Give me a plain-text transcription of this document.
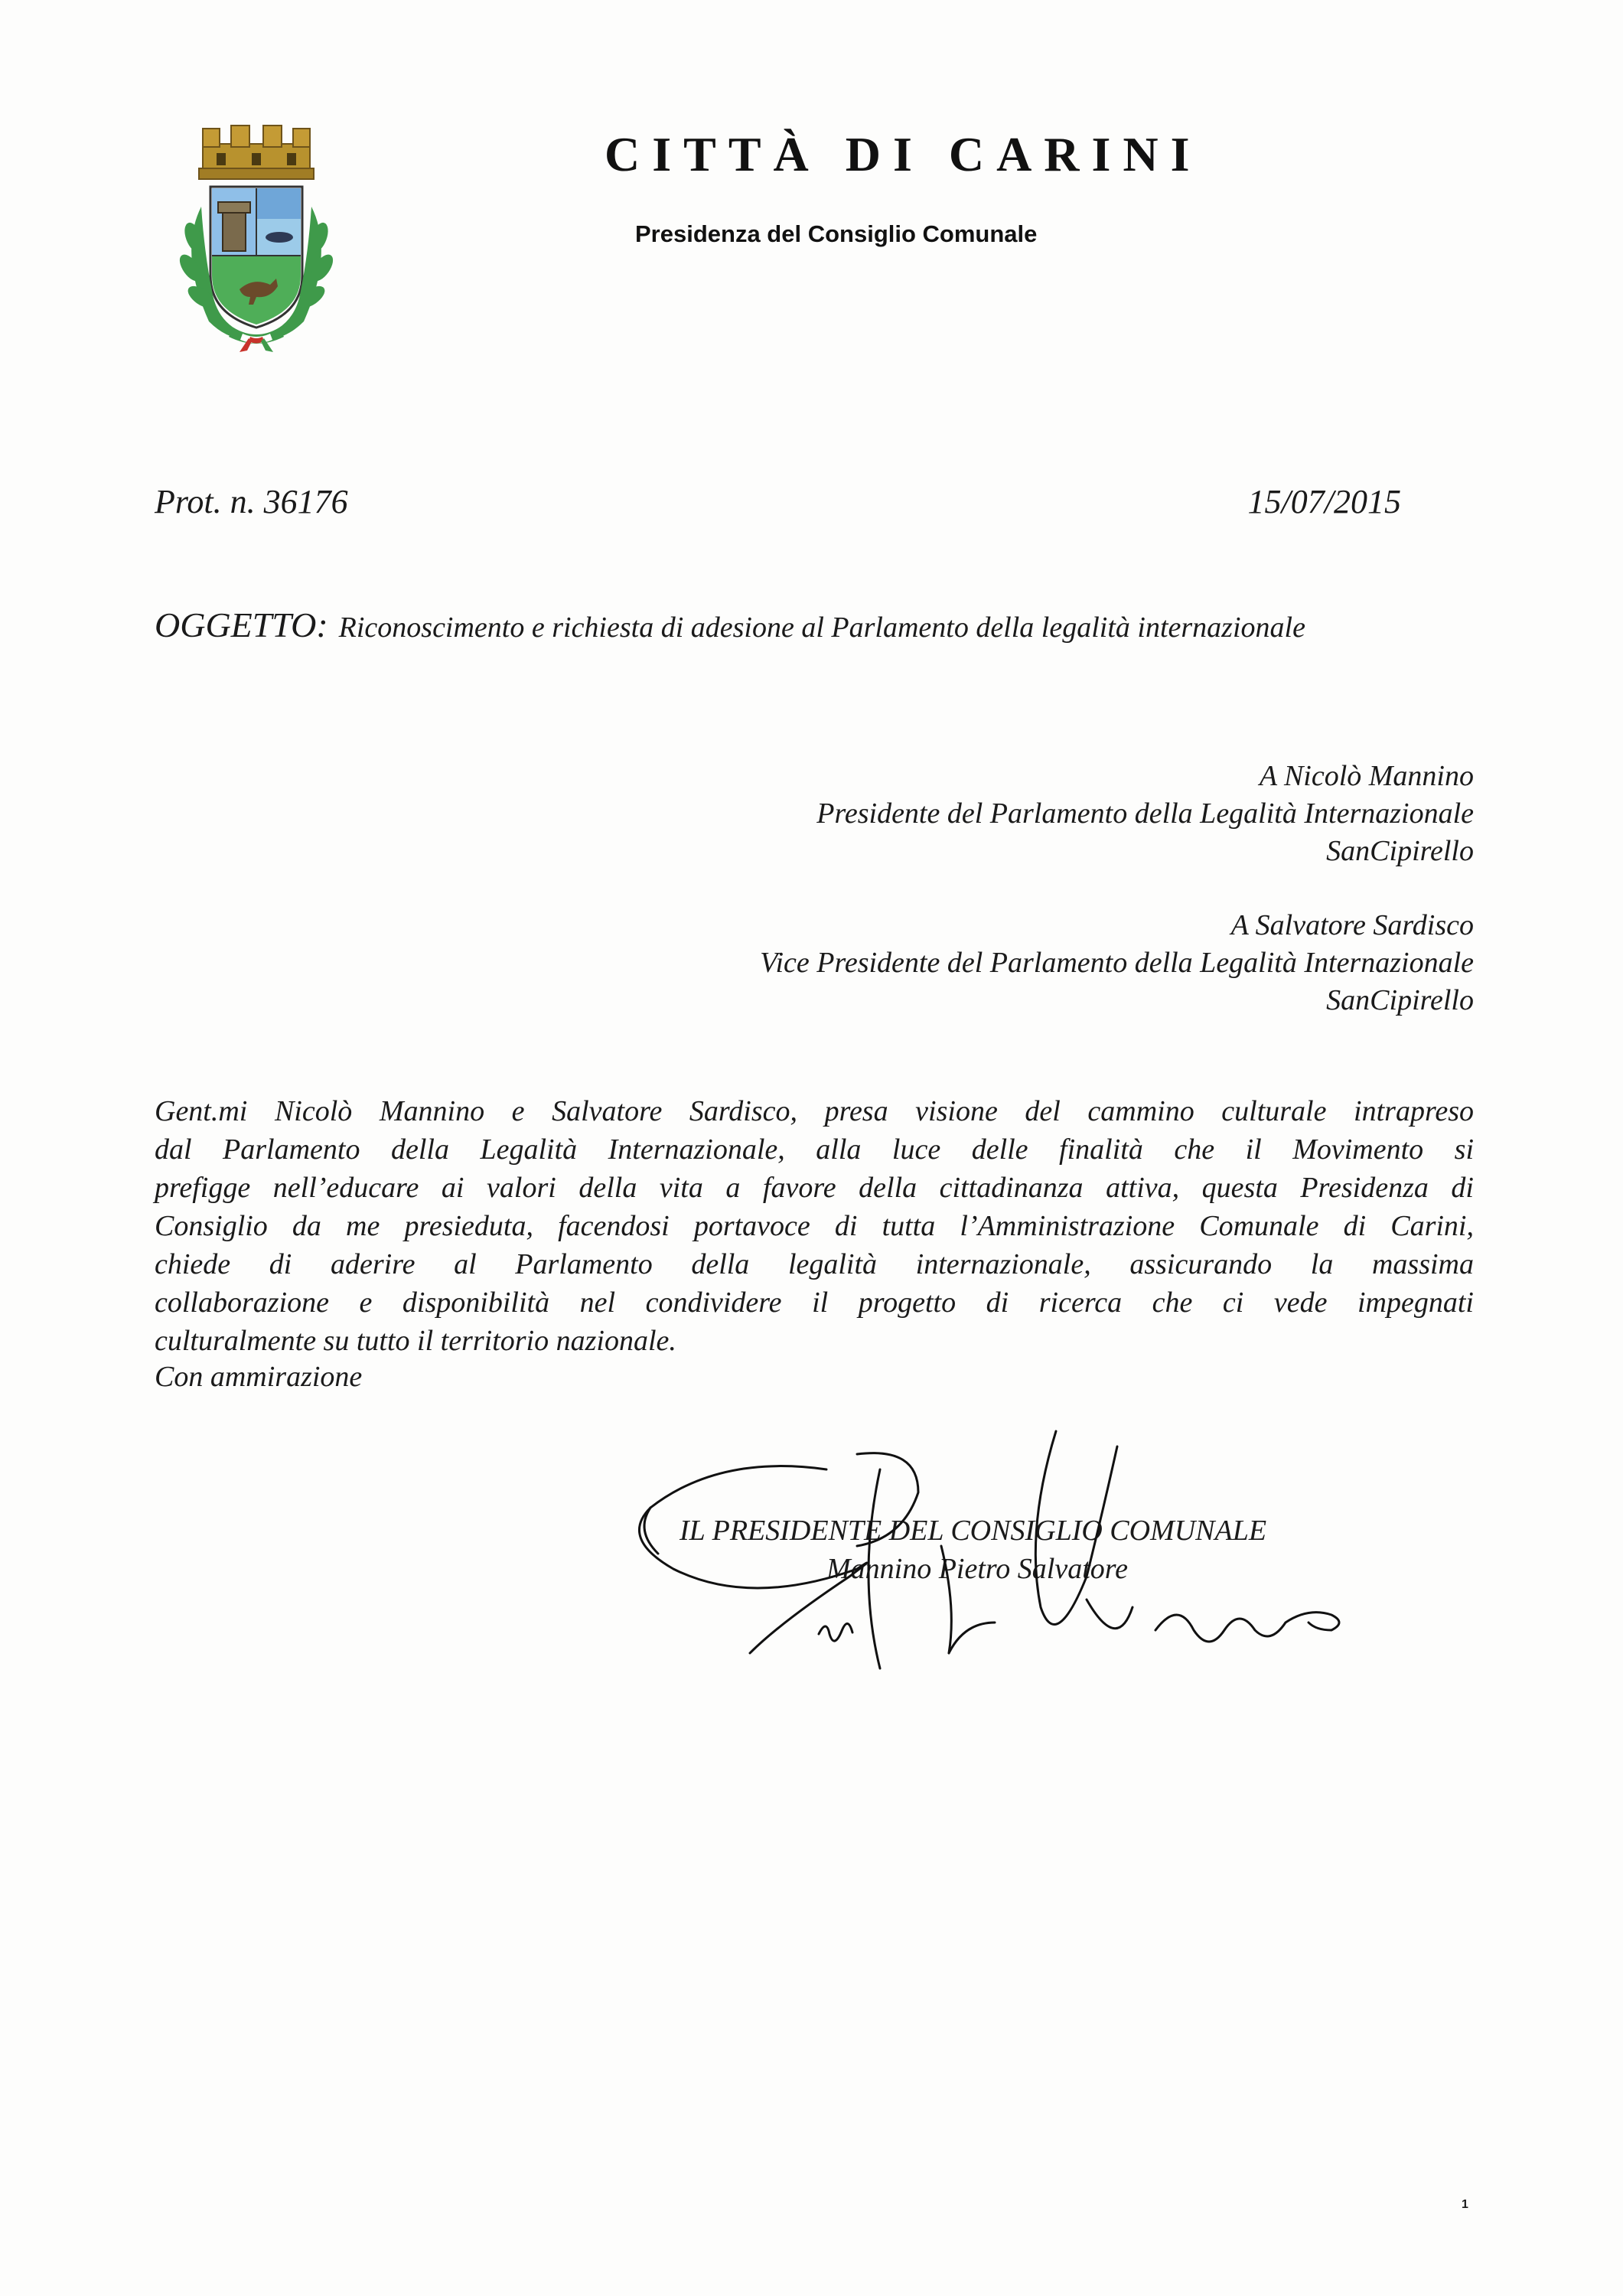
CITTÀ DI CARINI
Presidenza del Consiglio Comunale
Prot. n. 36176	15/07/2015
OGGETTO: Riconoscimento e richiesta di adesione al Parlamento della legalità internazionale
A Nicolò Mannino
Presidente del Parlamento della Legalità Internazionale
SanCipirello
A Salvatore Sardisco
Vice Presidente del Parlamento della Legalità Internazionale
SanCipirello
Gent.mi Nicolò Mannino e Salvatore Sardisco, presa visione del cammino culturale intrapreso
dal Parlamento della Legalità Internazionale, alla luce delle finalità che il Movimento si
prefigge nell’educare ai valori della vita a favore della cittadinanza attiva, questa Presidenza di
Consiglio da me presieduta, facendosi portavoce di tutta l’Amministrazione Comunale di Carini,
chiede di aderire al Parlamento della legalità internazionale, assicurando la massima
collaborazione e disponibilità nel condividere il progetto di ricerca che ci vede impegnati
culturalmente su tutto il territorio nazionale.
Con ammirazione
IL PRESIDENTE DEL CONSIGLIO COMUNALE
Mannino Pietro Salvatore
1
